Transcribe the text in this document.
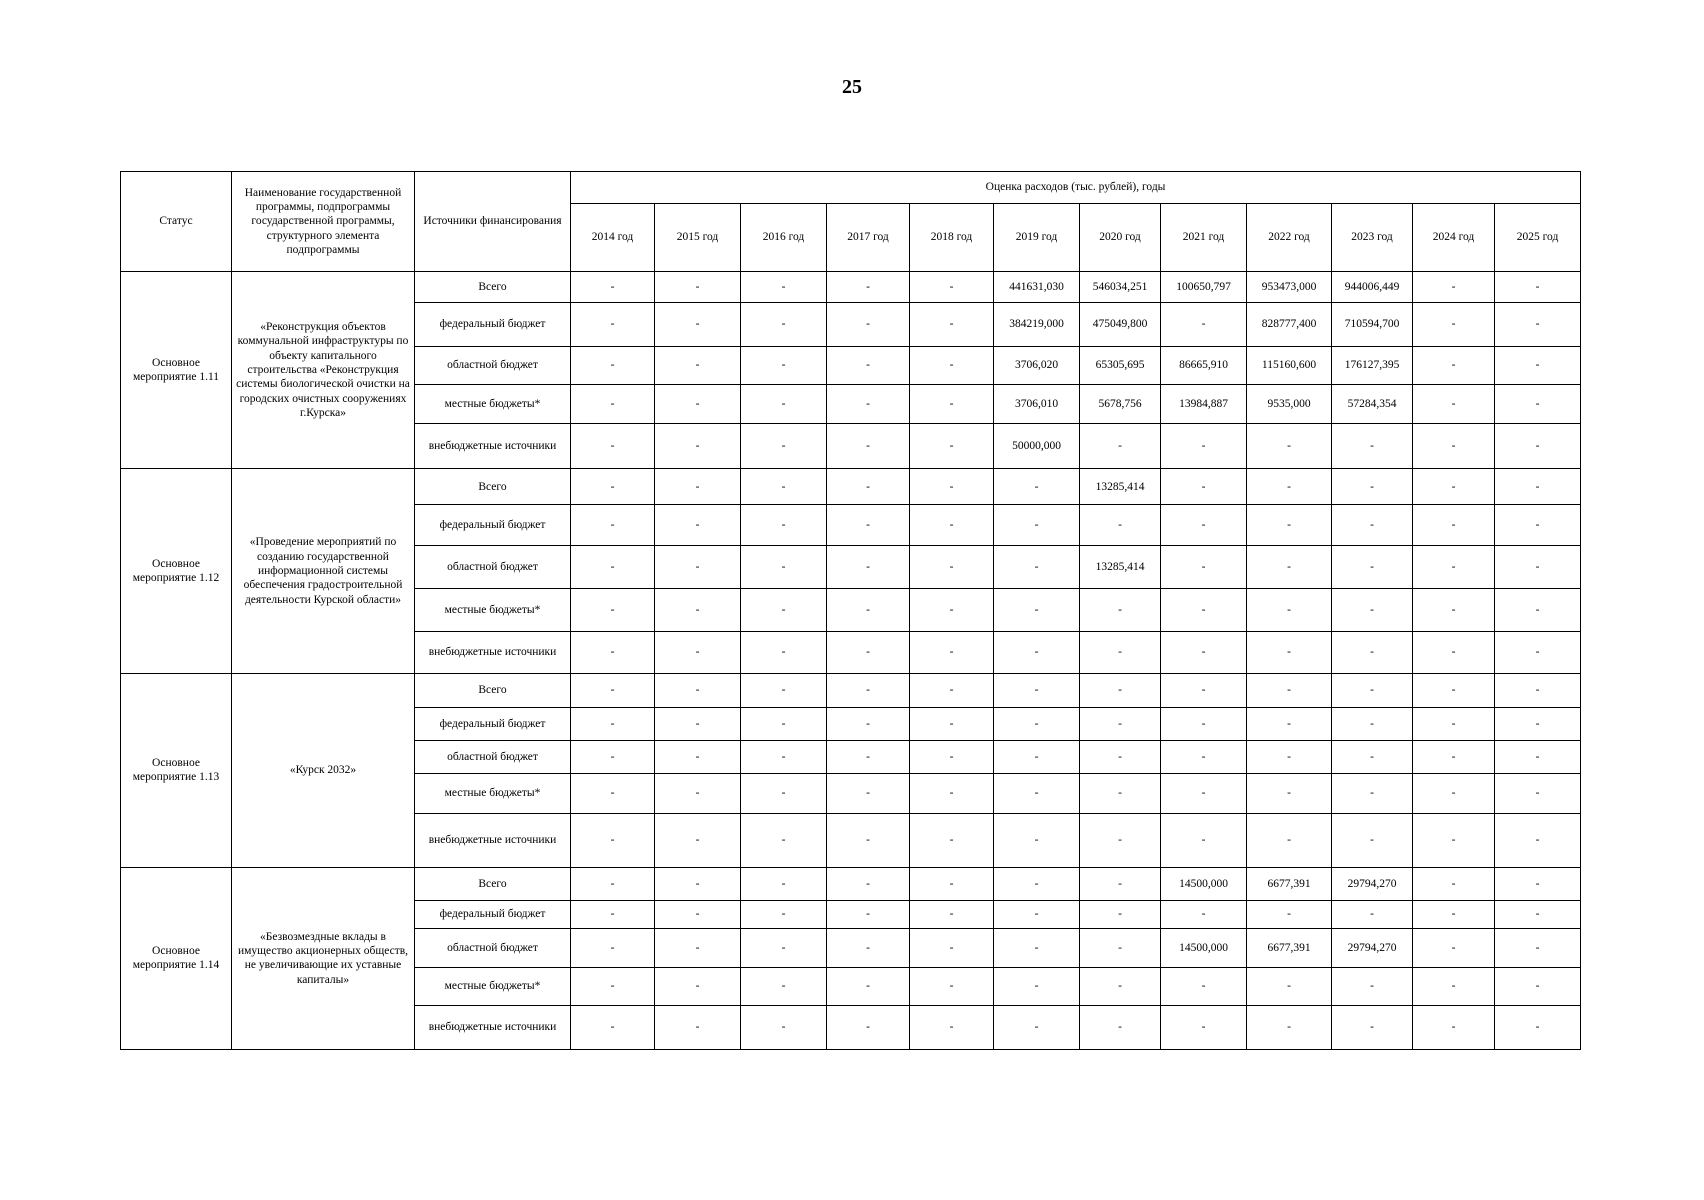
25
Статус	Наименование государственной программы, подпрограммы государственной программы, структурного элемента подпрограммы	Источники финансирования	Оценка расходов (тыс. рублей), годы											
			2014 год	2015 год	2016 год	2017 год	2018 год	2019 год	2020 год	2021 год	2022 год	2023 год	2024 год	2025 год
Основное мероприятие 1.11	«Реконструкция объектов коммунальной инфраструктуры по объекту капитального строительства «Реконструкция системы биологической очистки на городских очистных сооружениях г.Курска»	Всего	-	-	-	-	-	441631,030	546034,251	100650,797	953473,000	944006,449	-	-
		федеральный бюджет	-	-	-	-	-	384219,000	475049,800	-	828777,400	710594,700	-	-
		областной бюджет	-	-	-	-	-	3706,020	65305,695	86665,910	115160,600	176127,395	-	-
		местные бюджеты*	-	-	-	-	-	3706,010	5678,756	13984,887	9535,000	57284,354	-	-
		внебюджетные источники	-	-	-	-	-	50000,000	-	-	-	-	-	-
Основное мероприятие 1.12	«Проведение мероприятий по созданию государственной информационной системы обеспечения градостроительной деятельности Курской области»	Всего	-	-	-	-	-	-	13285,414	-	-	-	-	-
		федеральный бюджет	-	-	-	-	-	-	-	-	-	-	-	-
		областной бюджет	-	-	-	-	-	-	13285,414	-	-	-	-	-
		местные бюджеты*	-	-	-	-	-	-	-	-	-	-	-	-
		внебюджетные источники	-	-	-	-	-	-	-	-	-	-	-	-
Основное мероприятие 1.13	«Курск 2032»	Всего	-	-	-	-	-	-	-	-	-	-	-	-
		федеральный бюджет	-	-	-	-	-	-	-	-	-	-	-	-
		областной бюджет	-	-	-	-	-	-	-	-	-	-	-	-
		местные бюджеты*	-	-	-	-	-	-	-	-	-	-	-	-
		внебюджетные источники	-	-	-	-	-	-	-	-	-	-	-	-
Основное мероприятие 1.14	«Безвозмездные вклады в имущество акционерных обществ, не увеличивающие их уставные капиталы»	Всего	-	-	-	-	-	-	-	14500,000	6677,391	29794,270	-	-
		федеральный бюджет	-	-	-	-	-	-	-	-	-	-	-	-
		областной бюджет	-	-	-	-	-	-	-	14500,000	6677,391	29794,270	-	-
		местные бюджеты*	-	-	-	-	-	-	-	-	-	-	-	-
		внебюджетные источники	-	-	-	-	-	-	-	-	-	-	-	-
